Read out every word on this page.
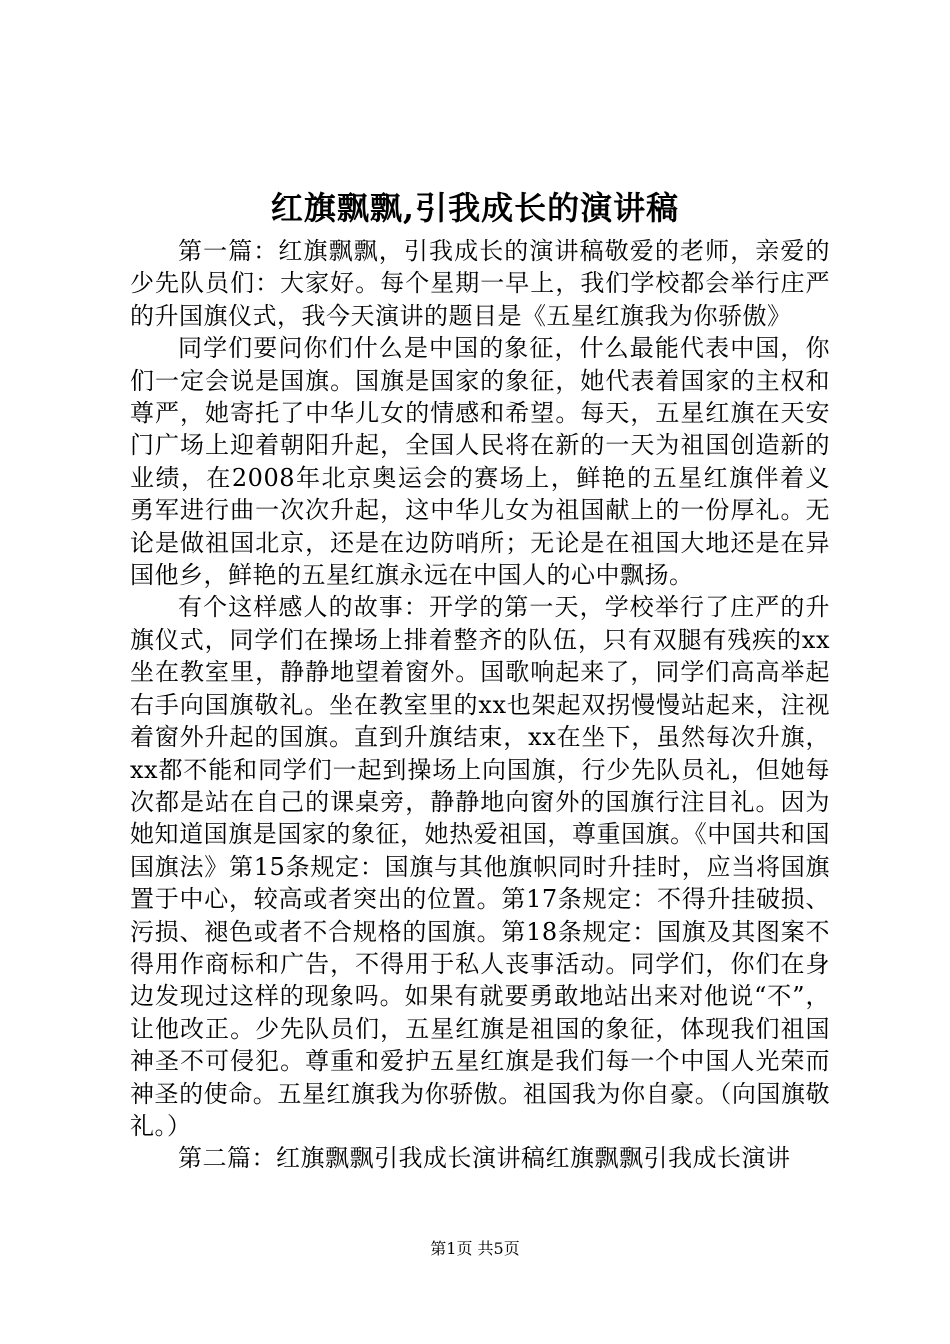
红旗飘飘,引我成长的演讲稿

第一篇：红旗飘飘，引我成长的演讲稿敬爱的老师，亲爱的少先队员们：大家好。每个星期一早上，我们学校都会举行庄严的升国旗仪式，我今天演讲的题目是《五星红旗我为你骄傲》

同学们要问你们什么是中国的象征，什么最能代表中国，你们一定会说是国旗。国旗是国家的象征，她代表着国家的主权和尊严，她寄托了中华儿女的情感和希望。每天，五星红旗在天安门广场上迎着朝阳升起，全国人民将在新的一天为祖国创造新的业绩，在2008年北京奥运会的赛场上，鲜艳的五星红旗伴着义勇军进行曲一次次升起，这中华儿女为祖国献上的一份厚礼。无论是做祖国北京，还是在边防哨所；无论是在祖国大地还是在异国他乡，鲜艳的五星红旗永远在中国人的心中飘扬。

有个这样感人的故事：开学的第一天，学校举行了庄严的升旗仪式，同学们在操场上排着整齐的队伍，只有双腿有残疾的xx坐在教室里，静静地望着窗外。国歌响起来了，同学们高高举起右手向国旗敬礼。坐在教室里的xx也架起双拐慢慢站起来，注视着窗外升起的国旗。直到升旗结束，xx在坐下，虽然每次升旗，xx都不能和同学们一起到操场上向国旗，行少先队员礼，但她每次都是站在自己的课桌旁，静静地向窗外的国旗行注目礼。因为她知道国旗是国家的象征，她热爱祖国，尊重国旗。《中国共和国国旗法》第15条规定：国旗与其他旗帜同时升挂时，应当将国旗置于中心，较高或者突出的位置。第17条规定：不得升挂破损、污损、褪色或者不合规格的国旗。第18条规定：国旗及其图案不得用作商标和广告，不得用于私人丧事活动。同学们，你们在身边发现过这样的现象吗。如果有就要勇敢地站出来对他说“不”，让他改正。少先队员们，五星红旗是祖国的象征，体现我们祖国神圣不可侵犯。尊重和爱护五星红旗是我们每一个中国人光荣而神圣的使命。五星红旗我为你骄傲。祖国我为你自豪。（向国旗敬礼。）

第二篇：红旗飘飘引我成长演讲稿红旗飘飘引我成长演讲

第1页 共5页
